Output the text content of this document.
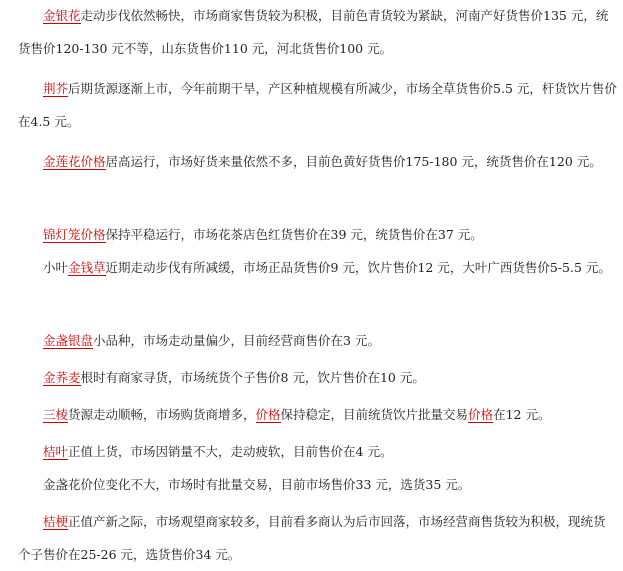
金银花走动步伐依然畅快，市场商家售货较为积极，目前色青货较为紧缺，河南产好货售价135 元，统货售价120-130 元不等，山东货售价110 元，河北货售价100 元。

荆芥后期货源逐渐上市，今年前期干旱，产区种植规模有所减少，市场全草货售价5.5 元，杆货饮片售价在4.5 元。

金莲花价格居高运行，市场好货来量依然不多，目前色黄好货售价175-180 元，统货售价在120 元。

锦灯笼价格保持平稳运行，市场花茶店色红货售价在39 元，统货售价在37 元。

小叶金钱草近期走动步伐有所减缓，市场正品货售价9 元，饮片售价12 元，大叶广西货售价5-5.5 元。

金盏银盘小品种，市场走动量偏少，目前经营商售价在3 元。

金荞麦根时有商家寻货，市场统货个子售价8 元，饮片售价在10 元。

三棱货源走动顺畅，市场购货商增多，价格保持稳定，目前统货饮片批量交易价格在12 元。

桔叶正值上货，市场因销量不大，走动疲软，目前售价在4 元。

金盏花价位变化不大，市场时有批量交易，目前市场售价33 元，选货35 元。

桔梗正值产新之际，市场观望商家较多，目前看多商认为后市回落，市场经营商售货较为积极，现统货个子售价在25-26 元，选货售价34 元。
